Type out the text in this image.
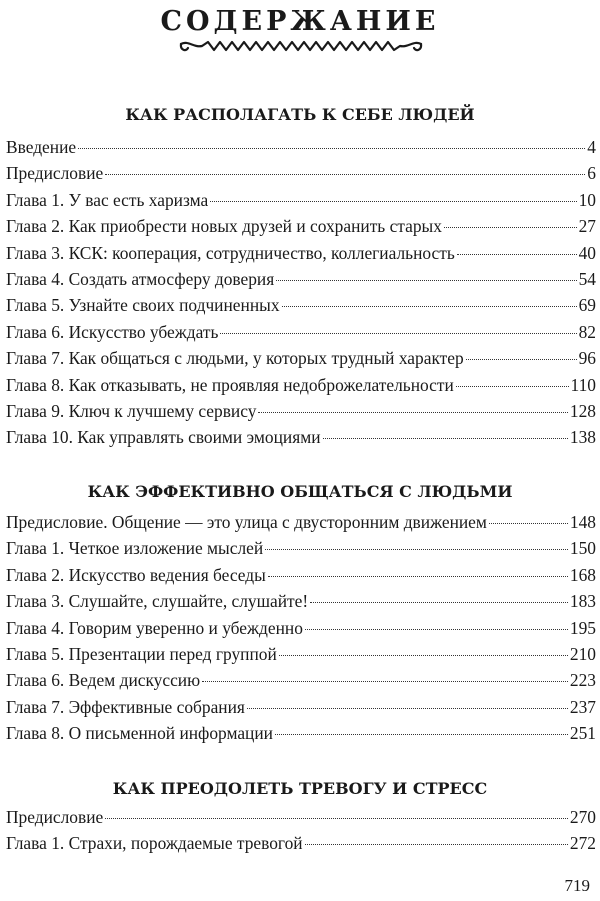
СОДЕРЖАНИЕ
КАК РАСПОЛАГАТЬ К СЕБЕ ЛЮДЕЙ
Введение	4
Предисловие	6
Глава 1. У вас есть харизма	10
Глава 2. Как приобрести новых друзей и сохранить старых	27
Глава 3. КСК: кооперация, сотрудничество, коллегиальность	40
Глава 4. Создать атмосферу доверия	54
Глава 5. Узнайте своих подчиненных	69
Глава 6. Искусство убеждать	82
Глава 7. Как общаться с людьми, у которых трудный характер	96
Глава 8. Как отказывать, не проявляя недоброжелательности	110
Глава 9. Ключ к лучшему сервису	128
Глава 10. Как управлять своими эмоциями	138
КАК ЭФФЕКТИВНО ОБЩАТЬСЯ С ЛЮДЬМИ
Предисловие. Общение — это улица с двусторонним движением	148
Глава 1. Четкое изложение мыслей	150
Глава 2. Искусство ведения беседы	168
Глава 3. Слушайте, слушайте, слушайте!	183
Глава 4. Говорим уверенно и убежденно	195
Глава 5. Презентации перед группой	210
Глава 6. Ведем дискуссию	223
Глава 7. Эффективные собрания	237
Глава 8. О письменной информации	251
КАК ПРЕОДОЛЕТЬ ТРЕВОГУ И СТРЕСС
Предисловие	270
Глава 1. Страхи, порождаемые тревогой	272
719
